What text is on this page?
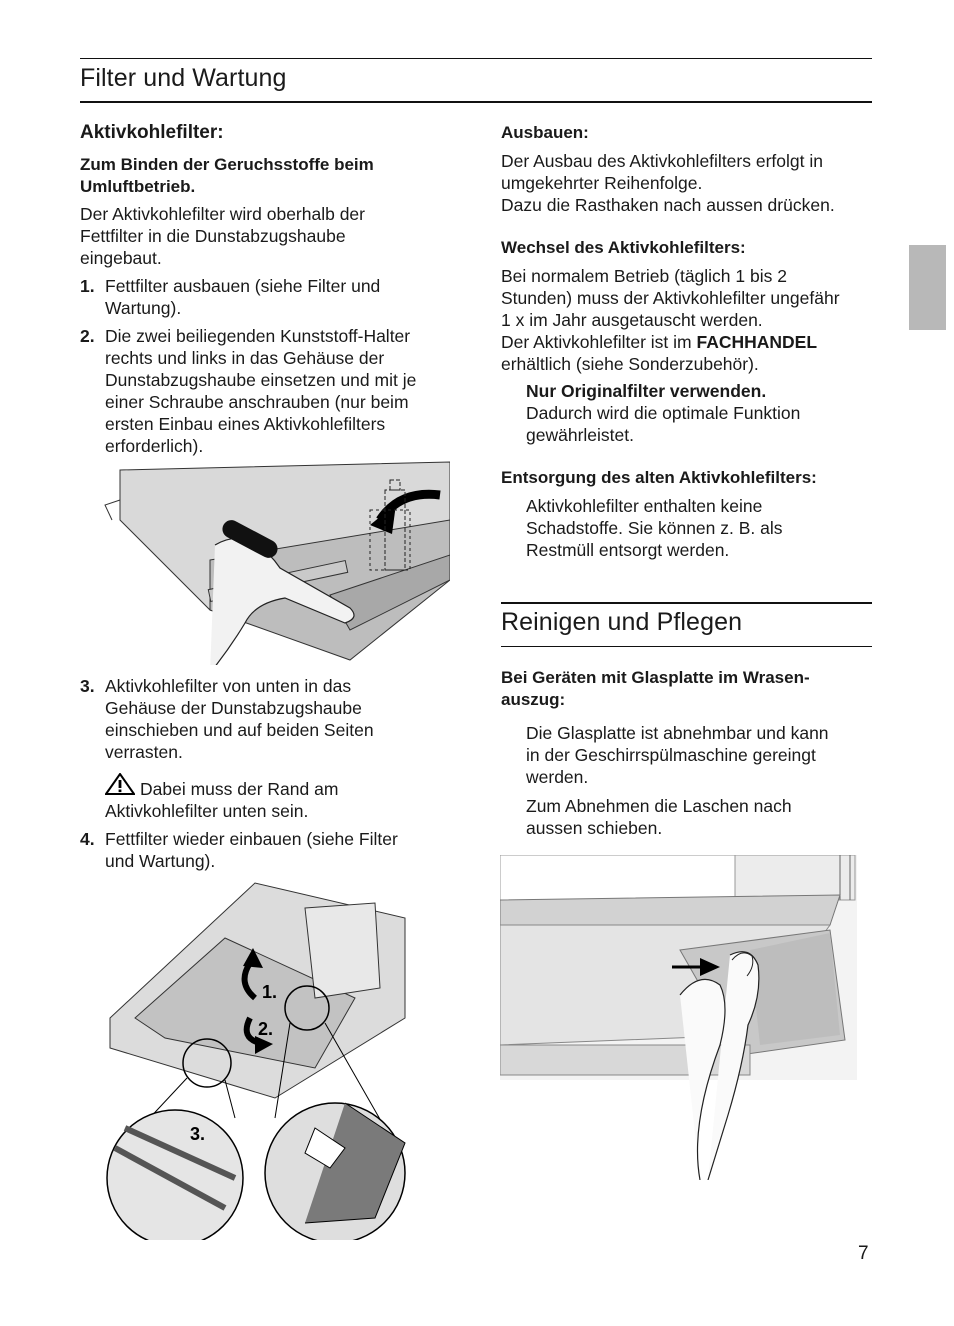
Filter und Wartung
Aktivkohlefilter:
Zum Binden der Geruchsstoffe beim Umluftbetrieb.
Der Aktivkohlefilter wird oberhalb der
Fettfilter in die Dunstabzugshaube
eingebaut.
1. Fettfilter ausbauen (siehe Filter und
Wartung).
2. Die zwei beiliegenden Kunststoff-Halter
rechts und links in das Gehäuse der
Dunstabzugshaube einsetzen und mit je
einer Schraube anschrauben (nur beim
ersten Einbau eines Aktivkohlefilters
erforderlich).
3. Aktivkohlefilter von unten in das
Gehäuse der Dunstabzugshaube
einschieben und auf beiden Seiten
verrasten.
Dabei muss der Rand am
Aktivkohlefilter unten sein.
4. Fettfilter wieder einbauen (siehe Filter
und Wartung).
1.
2.
3.
Ausbauen:
Der Ausbau des Aktivkohlefilters erfolgt in
umgekehrter Reihenfolge.
Dazu die Rasthaken nach aussen drücken.
Wechsel des Aktivkohlefilters:
Bei normalem Betrieb (täglich 1 bis 2
Stunden) muss der Aktivkohlefilter ungefähr
1 x im Jahr ausgetauscht werden.
Der Aktivkohlefilter ist im FACHHANDEL
erhältlich (siehe Sonderzubehör).
Nur Originalfilter verwenden.
Dadurch wird die optimale Funktion
gewährleistet.
Entsorgung des alten Aktivkohlefilters:
Aktivkohlefilter enthalten keine
Schadstoffe. Sie können z. B. als
Restmüll entsorgt werden.
Reinigen und Pflegen
Bei Geräten mit Glasplatte im Wrasen-
auszug:
Die Glasplatte ist abnehmbar und kann
in der Geschirrspülmaschine gereingt
werden.
Zum Abnehmen die Laschen nach
aussen schieben.
7
